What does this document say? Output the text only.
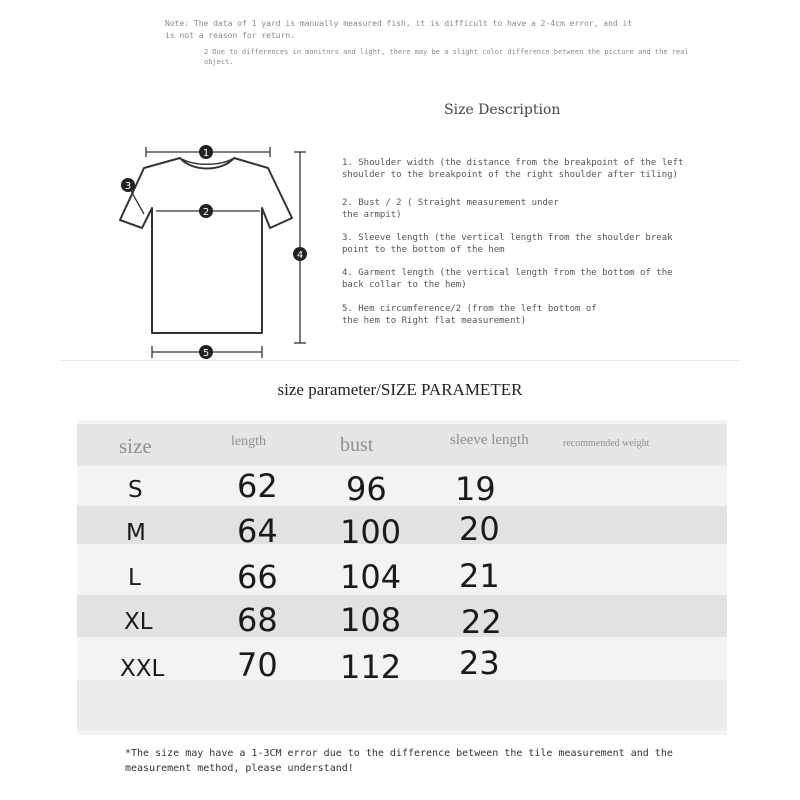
Note: The data of 1 yard is manually measured fish, it is difficult to have a 2-4cm error, and it is not a reason for return.
2 Due to differences in monitors and light, there may be a slight color difference between the picture and the real object.
Size Description
1. Shoulder width (the distance from the breakpoint of the left shoulder to the breakpoint of the right shoulder after tiling)
2. Bust / 2 ( Straight measurement under the armpit)
3. Sleeve length (the vertical length from the shoulder break point to the bottom of the hem
4. Garment length (the vertical length from the bottom of the back collar to the hem)
5. Hem circumference/2 (from the left bottom of the hem to Right flat measurement)
1
2
3
4
5
size parameter/SIZE PARAMETER
size	length	bust	sleeve length	recommended weight
S	62 96 19
M	64 100 20
L	66 104 21
XL	68 108 22
XXL 70 112 23
*The size may have a 1-3CM error due to the difference between the tile measurement and the measurement method, please understand!
